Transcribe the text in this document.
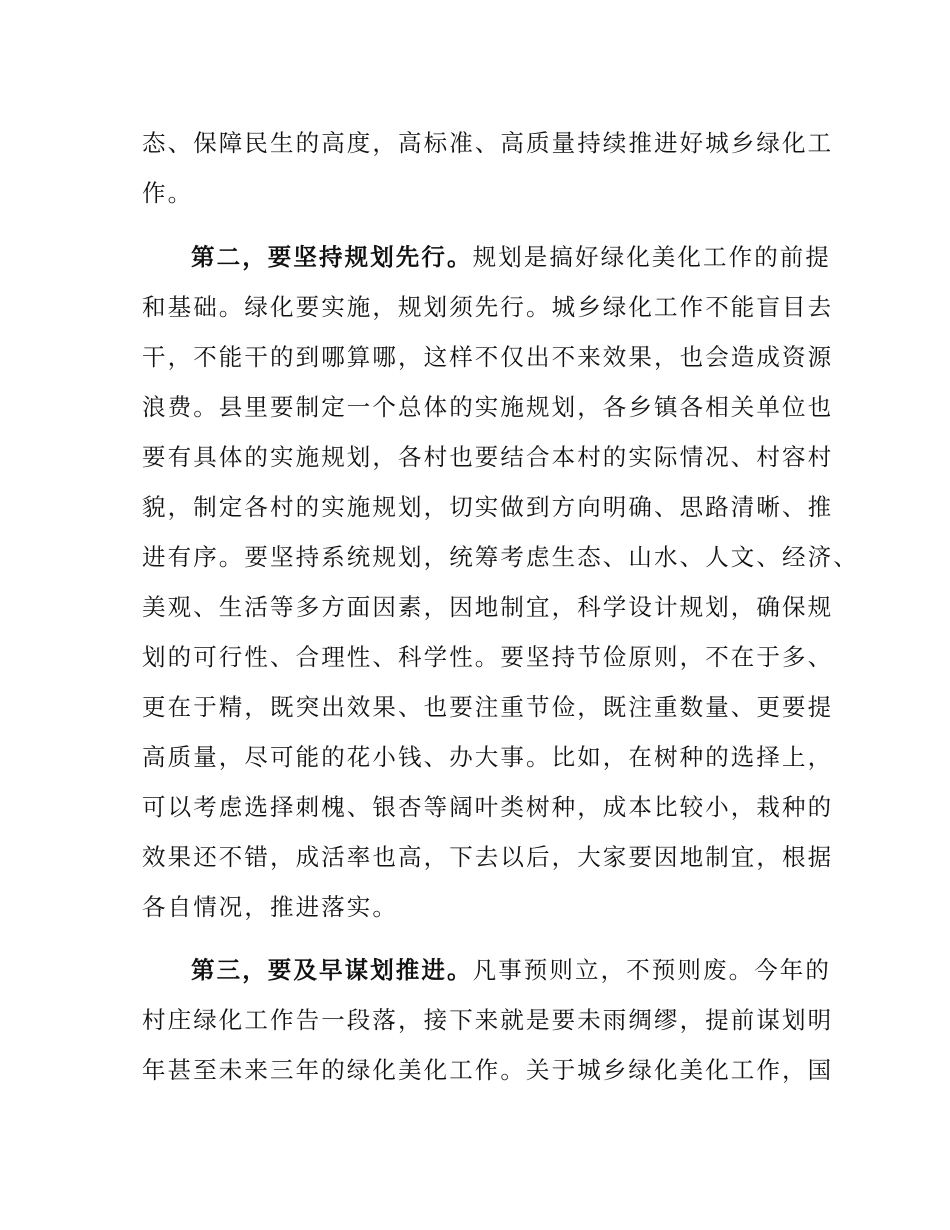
态、保障民生的高度，高标准、高质量持续推进好城乡绿化工
作。
第二，要坚持规划先行。规划是搞好绿化美化工作的前提
和基础。绿化要实施，规划须先行。城乡绿化工作不能盲目去
干，不能干的到哪算哪，这样不仅出不来效果，也会造成资源
浪费。县里要制定一个总体的实施规划，各乡镇各相关单位也
要有具体的实施规划，各村也要结合本村的实际情况、村容村
貌，制定各村的实施规划，切实做到方向明确、思路清晰、推
进有序。要坚持系统规划，统筹考虑生态、山水、人文、经济、
美观、生活等多方面因素，因地制宜，科学设计规划，确保规
划的可行性、合理性、科学性。要坚持节俭原则，不在于多、
更在于精，既突出效果、也要注重节俭，既注重数量、更要提
高质量，尽可能的花小钱、办大事。比如，在树种的选择上，
可以考虑选择刺槐、银杏等阔叶类树种，成本比较小，栽种的
效果还不错，成活率也高，下去以后，大家要因地制宜，根据
各自情况，推进落实。
第三，要及早谋划推进。凡事预则立，不预则废。今年的
村庄绿化工作告一段落，接下来就是要未雨绸缪，提前谋划明
年甚至未来三年的绿化美化工作。关于城乡绿化美化工作，国
